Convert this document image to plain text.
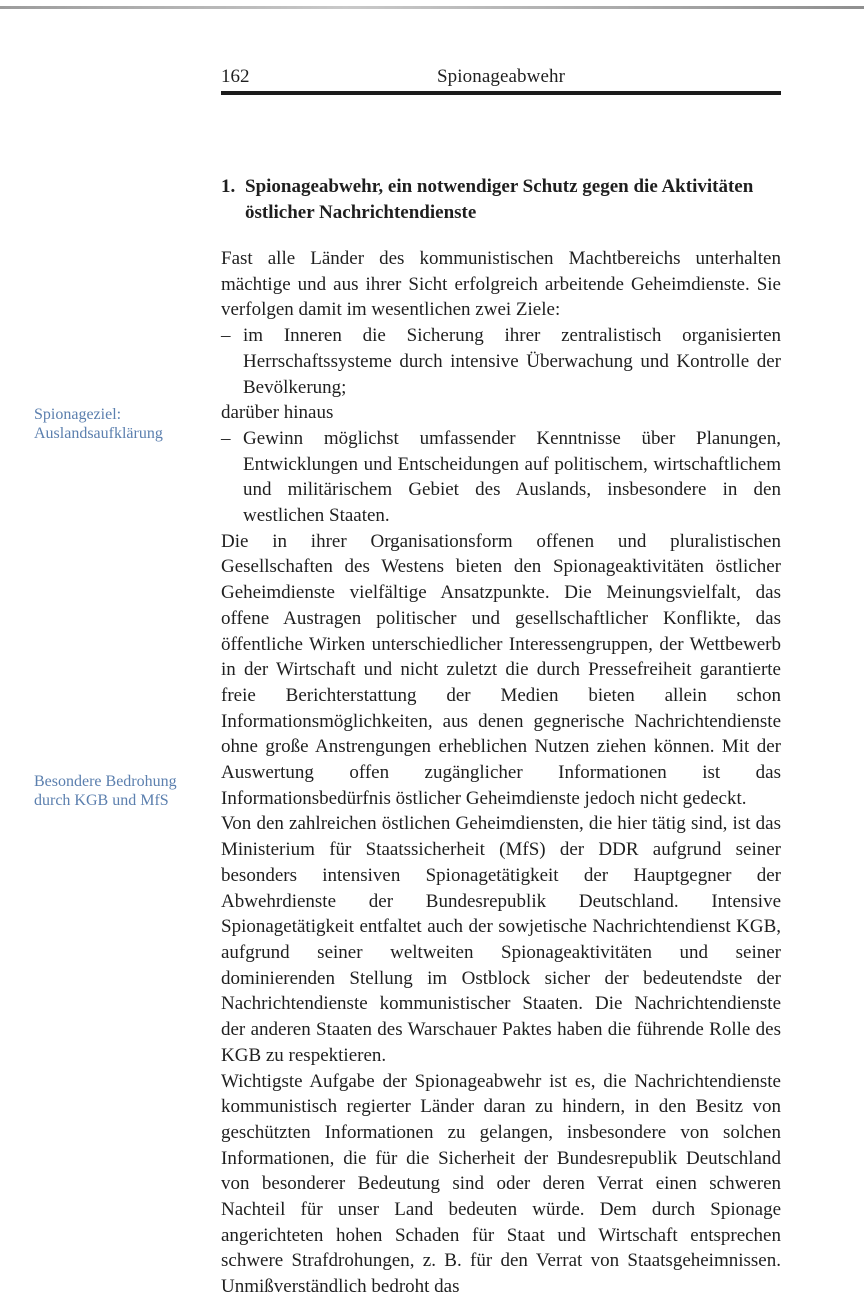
162	Spionageabwehr
1. Spionageabwehr, ein notwendiger Schutz gegen die Aktivitäten
östlicher Nachrichtendienste
Spionageziel: Auslandsaufklärung
Besondere Bedrohung durch KGB und MfS

Fast alle Länder des kommunistischen Machtbereichs unterhalten mächtige und aus ihrer Sicht erfolgreich arbeitende Geheimdienste. Sie verfolgen damit im wesentlichen zwei Ziele:

– im Inneren die Sicherung ihrer zentralistisch organisierten Herrschaftssysteme durch intensive Überwachung und Kontrolle der Bevölkerung;

darüber hinaus

– Gewinn möglichst umfassender Kenntnisse über Planungen, Entwicklungen und Entscheidungen auf politischem, wirtschaftlichem und militärischem Gebiet des Auslands, insbesondere in den westlichen Staaten.

Die in ihrer Organisationsform offenen und pluralistischen Gesellschaften des Westens bieten den Spionageaktivitäten östlicher Geheimdienste vielfältige Ansatzpunkte. Die Meinungsvielfalt, das offene Austragen politischer und gesellschaftlicher Konflikte, das öffentliche Wirken unterschiedlicher Interessengruppen, der Wettbewerb in der Wirtschaft und nicht zuletzt die durch Pressefreiheit garantierte freie Berichterstattung der Medien bieten allein schon Informationsmöglichkeiten, aus denen gegnerische Nachrichtendienste ohne große Anstrengungen erheblichen Nutzen ziehen können. Mit der Auswertung offen zugänglicher Informationen ist das Informationsbedürfnis östlicher Geheimdienste jedoch nicht gedeckt.

Von den zahlreichen östlichen Geheimdiensten, die hier tätig sind, ist das Ministerium für Staatssicherheit (MfS) der DDR aufgrund seiner besonders intensiven Spionagetätigkeit der Hauptgegner der Abwehrdienste der Bundesrepublik Deutschland. Intensive Spionagetätigkeit entfaltet auch der sowjetische Nachrichtendienst KGB, aufgrund seiner weltweiten Spionageaktivitäten und seiner dominierenden Stellung im Ostblock sicher der bedeutendste der Nachrichtendienste kommunistischer Staaten. Die Nachrichtendienste der anderen Staaten des Warschauer Paktes haben die führende Rolle des KGB zu respektieren.

Wichtigste Aufgabe der Spionageabwehr ist es, die Nachrichtendienste kommunistisch regierter Länder daran zu hindern, in den Besitz von geschützten Informationen zu gelangen, insbesondere von solchen Informationen, die für die Sicherheit der Bundesrepublik Deutschland von besonderer Bedeutung sind oder deren Verrat einen schweren Nachteil für unser Land bedeuten würde. Dem durch Spionage angerichteten hohen Schaden für Staat und Wirtschaft entsprechen schwere Strafdrohungen, z. B. für den Verrat von Staatsgeheimnissen. Unmißverständlich bedroht das
